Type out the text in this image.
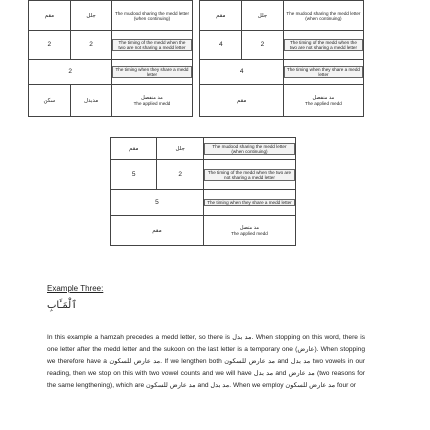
مقم	جلل	The mudood sharing the medd letter (when continuing)		مقم	جلل	The mudood sharing the medd letter (when continuing)

2	2	The timing of the medd when the two are not sharing a medd letter		4	2	The timing of the medd when the two are not sharing a medd letter
2		The timing when they share a medd letter		4		The timing when they share a medd letter
سكن	مدبدل	مد منفصل
The applied medd		مقم		مد منفصل
The applied medd
مقم	جلل	The mudood sharing the medd letter (when continuing)
5	2	The timing of the medd when the two are not sharing a medd letter
5		The timing when they share a medd letter
مقم		مد متصل
The applied medd
Example Three:
ٱلْمَـَٔابِ
In this example a hamzah precedes a medd letter, so there is مد بدل. When stopping on this word, there is one letter after the medd letter and the sukoon on the last letter is a temporary one (عارض). When stopping we therefore have a مد عارض للسكون. If we lengthen both مد عارض للسكون and مد بدل two vowels in our reading, then we stop on this with two vowel counts and we will have مد بدل and مد عارض (two reasons for the same lengthening), which are مد عارض للسكون and مد بدل. When we employ مد عارض للسكون four or
